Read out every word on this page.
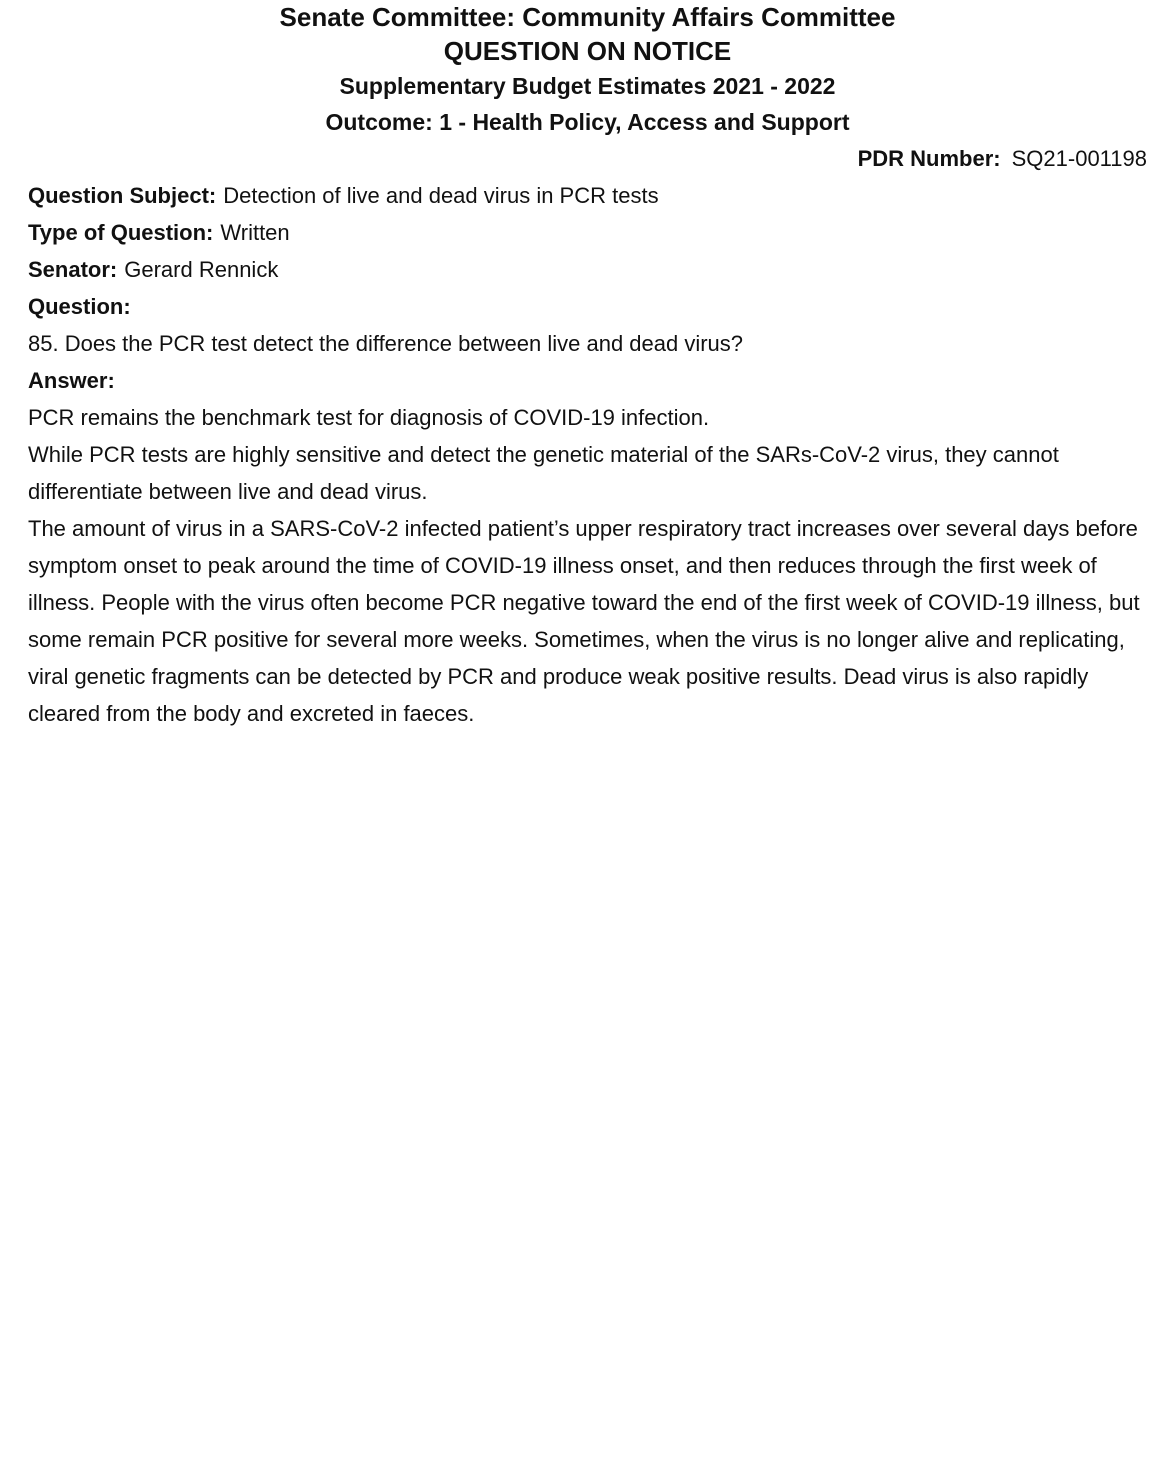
Senate Committee: Community Affairs Committee
QUESTION ON NOTICE
Supplementary Budget Estimates 2021 - 2022
Outcome: 1 - Health Policy, Access and Support

PDR Number: SQ21-001198

Question Subject: Detection of live and dead virus in PCR tests

Type of Question: Written

Senator: Gerard Rennick

Question:

85. Does the PCR test detect the difference between live and dead virus?

Answer:

PCR remains the benchmark test for diagnosis of COVID-19 infection.

While PCR tests are highly sensitive and detect the genetic material of the SARs-CoV-2 virus, they cannot differentiate between live and dead virus.

The amount of virus in a SARS-CoV-2 infected patient’s upper respiratory tract increases over several days before symptom onset to peak around the time of COVID-19 illness onset, and then reduces through the first week of illness. People with the virus often become PCR negative toward the end of the first week of COVID-19 illness, but some remain PCR positive for several more weeks. Sometimes, when the virus is no longer alive and replicating, viral genetic fragments can be detected by PCR and produce weak positive results. Dead virus is also rapidly cleared from the body and excreted in faeces.
